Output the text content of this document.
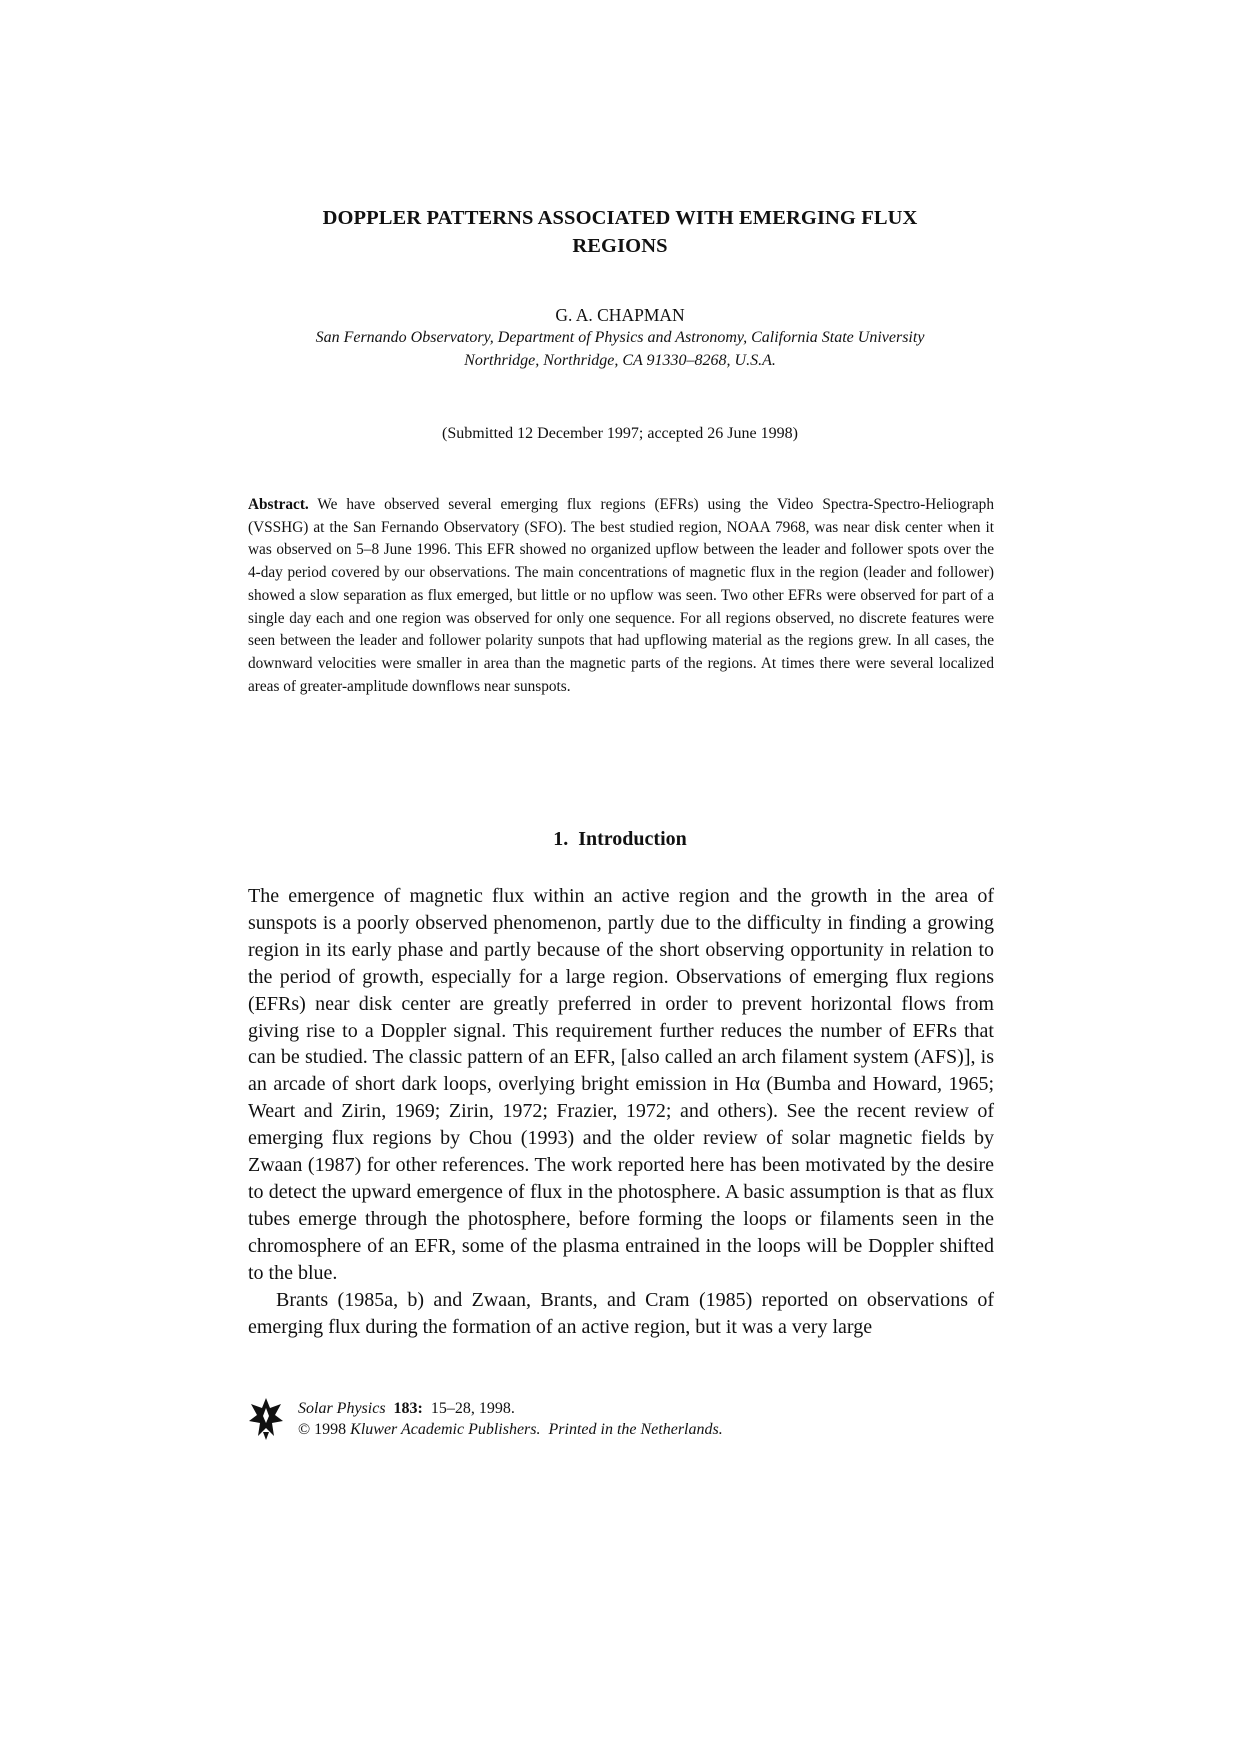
DOPPLER PATTERNS ASSOCIATED WITH EMERGING FLUX
REGIONS
G. A. CHAPMAN
San Fernando Observatory, Department of Physics and Astronomy, California State University
Northridge, Northridge, CA 91330–8268, U.S.A.
(Submitted 12 December 1997; accepted 26 June 1998)
Abstract. We have observed several emerging flux regions (EFRs) using the Video Spectra-Spectro-Heliograph (VSSHG) at the San Fernando Observatory (SFO). The best studied region, NOAA 7968, was near disk center when it was observed on 5–8 June 1996. This EFR showed no organized upflow between the leader and follower spots over the 4-day period covered by our observations. The main concentrations of magnetic flux in the region (leader and follower) showed a slow separation as flux emerged, but little or no upflow was seen. Two other EFRs were observed for part of a single day each and one region was observed for only one sequence. For all regions observed, no discrete features were seen between the leader and follower polarity sunpots that had upflowing material as the regions grew. In all cases, the downward velocities were smaller in area than the magnetic parts of the regions. At times there were several localized areas of greater-amplitude downflows near sunspots.
1. Introduction

The emergence of magnetic flux within an active region and the growth in the area of sunspots is a poorly observed phenomenon, partly due to the difficulty in finding a growing region in its early phase and partly because of the short observing opportunity in relation to the period of growth, especially for a large region. Observations of emerging flux regions (EFRs) near disk center are greatly preferred in order to prevent horizontal flows from giving rise to a Doppler signal. This requirement further reduces the number of EFRs that can be studied. The classic pattern of an EFR, [also called an arch filament system (AFS)], is an arcade of short dark loops, overlying bright emission in Hα (Bumba and Howard, 1965; Weart and Zirin, 1969; Zirin, 1972; Frazier, 1972; and others). See the recent review of emerging flux regions by Chou (1993) and the older review of solar magnetic fields by Zwaan (1987) for other references. The work reported here has been motivated by the desire to detect the upward emergence of flux in the photosphere. A basic assumption is that as flux tubes emerge through the photosphere, before forming the loops or filaments seen in the chromosphere of an EFR, some of the plasma entrained in the loops will be Doppler shifted to the blue.

Brants (1985a, b) and Zwaan, Brants, and Cram (1985) reported on observations of emerging flux during the formation of an active region, but it was a very large

Solar Physics 183: 15–28, 1998.
© 1998 Kluwer Academic Publishers. Printed in the Netherlands.
